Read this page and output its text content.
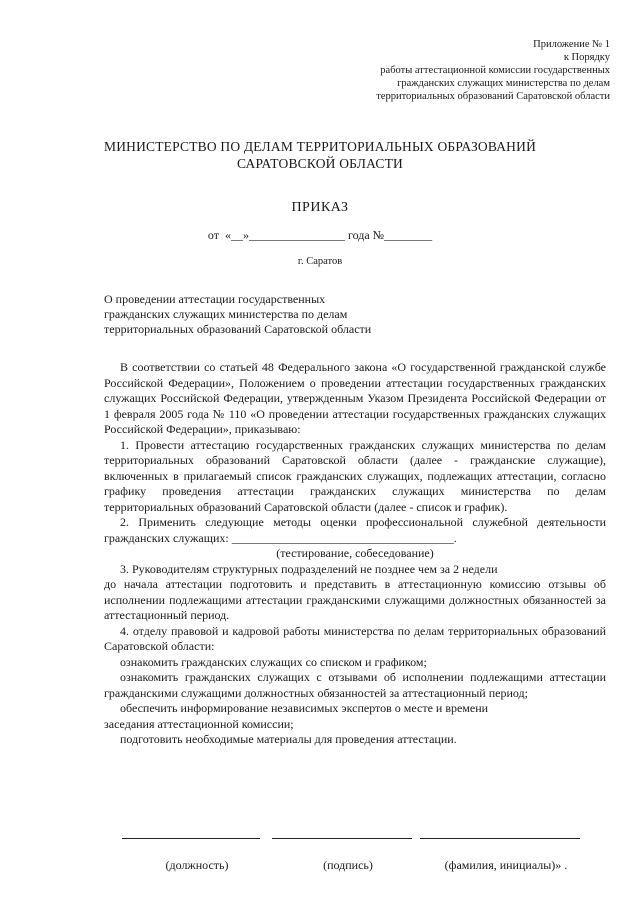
Приложение № 1
к Порядку
работы аттестационной комиссии государственных
гражданских служащих министерства по делам
территориальных образований Саратовской области
МИНИСТЕРСТВО ПО ДЕЛАМ ТЕРРИТОРИАЛЬНЫХ ОБРАЗОВАНИЙ
САРАТОВСКОЙ ОБЛАСТИ
ПРИКАЗ
от  «__»________________ года №________
г. Саратов
О проведении аттестации государственных
гражданских служащих министерства по делам
территориальных образований Саратовской области

В соответствии со статьей 48 Федерального закона «О государственной гражданской службе Российской Федерации», Положением о проведении аттестации государственных гражданских служащих Российской Федерации, утвержденным Указом Президента Российской Федерации от 1 февраля 2005 года № 110 «О проведении аттестации государственных гражданских служащих Российской Федерации», приказываю:

1. Провести аттестацию государственных гражданских служащих министерства по делам территориальных образований Саратовской области (далее - гражданские служащие), включенных в прилагаемый список гражданских служащих, подлежащих аттестации, согласно графику проведения аттестации гражданских служащих министерства по делам территориальных образований Саратовской области (далее - список и график).

2. Применить следующие методы оценки профессиональной служебной деятельности гражданских служащих: _____________________________________.

(тестирование, собеседование)

3. Руководителям структурных подразделений не позднее чем за 2 недели

до начала аттестации подготовить и представить в аттестационную комиссию отзывы об исполнении подлежащими аттестации гражданскими служащими должностных обязанностей за аттестационный период.

4. отделу правовой и кадровой работы министерства по делам территориальных образований Саратовской области:

ознакомить гражданских служащих со списком и графиком;

ознакомить гражданских служащих с отзывами об исполнении подлежащими аттестации гражданскими служащими должностных обязанностей за аттестационный период;

обеспечить информирование независимых экспертов о месте и времени

заседания аттестационной комиссии;

подготовить необходимые материалы для проведения аттестации.

(должность)

	(подпись)

	(фамилия, инициалы)» .
